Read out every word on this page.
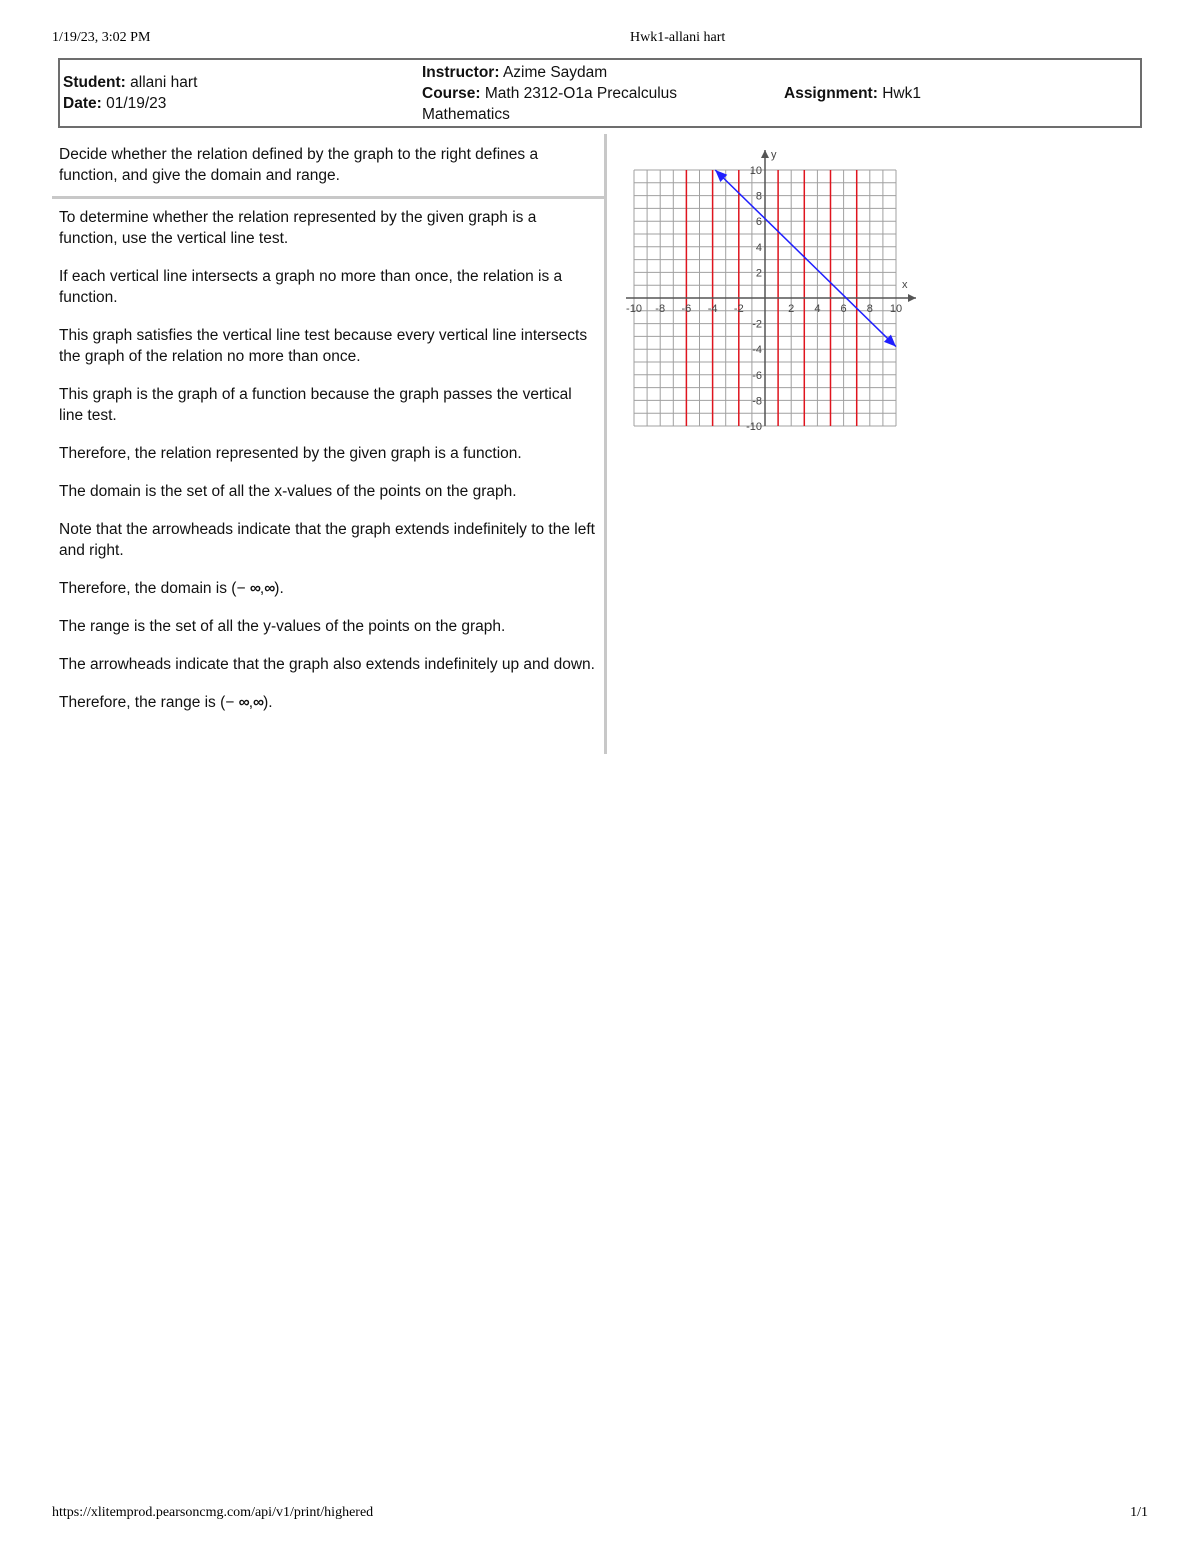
1/19/23, 3:02 PM	Hwk1-allani hart
Student: allani hart
Date: 01/19/23
Instructor: Azime Saydam
Course: Math 2312-O1a Precalculus Mathematics
Assignment: Hwk1
Decide whether the relation defined by the graph to the right defines a function, and give the domain and range.

To determine whether the relation represented by the given graph is a function, use the vertical line test.

If each vertical line intersects a graph no more than once, the relation is a function.

This graph satisfies the vertical line test because every vertical line intersects the graph of the relation no more than once.

This graph is the graph of a function because the graph passes the vertical line test.

Therefore, the relation represented by the given graph is a function.

The domain is the set of all the x-values of the points on the graph.

Note that the arrowheads indicate that the graph extends indefinitely to the left and right.

Therefore, the domain is (− ∞,∞).

The range is the set of all the y-values of the points on the graph.

The arrowheads indicate that the graph also extends indefinitely up and down.

Therefore, the range is (− ∞,∞).

x
y
-10 -8 -6 -4 -2	2 4 6 8 10
10
8
6
4
2
-2
-4
-6
-8
-10
https://xlitemprod.pearsoncmg.com/api/v1/print/highered	1/1
